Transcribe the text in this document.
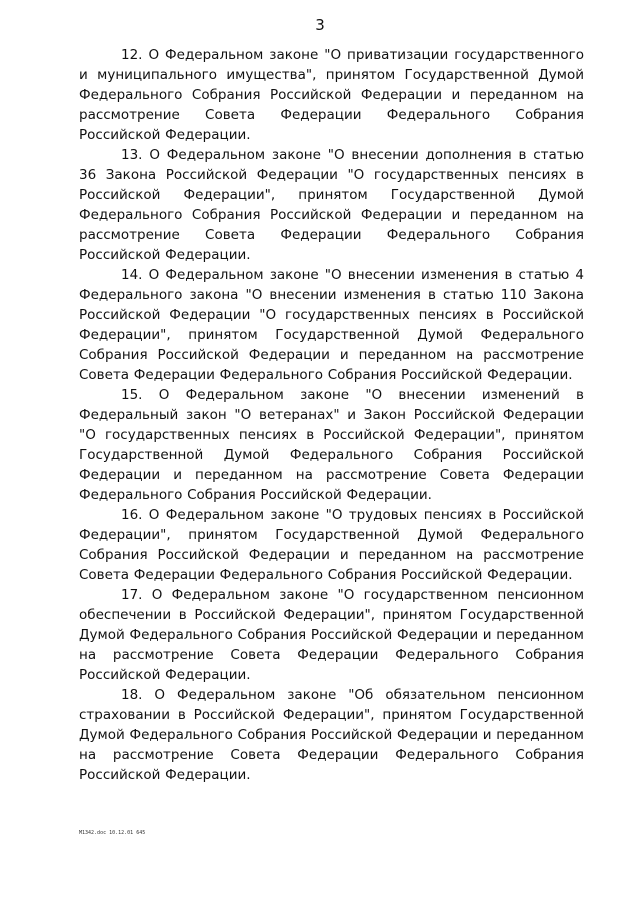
3

12. О Федеральном законе "О приватизации государственного и муниципального имущества", принятом Государственной Думой Федерального Собрания Российской Федерации и переданном на рассмотрение Совета Федерации Федерального Собрания Российской Федерации.

13. О Федеральном законе "О внесении дополнения в статью 36 Закона Российской Федерации "О государственных пенсиях в Российской Федерации", принятом Государственной Думой Федерального Собрания Российской Федерации и переданном на рассмотрение Совета Федерации Федерального Собрания Российской Федерации.

14. О Федеральном законе "О внесении изменения в статью 4 Федерального закона "О внесении изменения в статью 110 Закона Российской Федерации "О государственных пенсиях в Российской Федерации", принятом Государственной Думой Федерального Собрания Российской Федерации и переданном на рассмотрение Совета Федерации Федерального Собрания Российской Федерации.

15. О Федеральном законе "О внесении изменений в Федеральный закон "О ветеранах" и Закон Российской Федерации "О государственных пенсиях в Российской Федерации", принятом Государственной Думой Федерального Собрания Российской Федерации и переданном на рассмотрение Совета Федерации Федерального Собрания Российской Федерации.

16. О Федеральном законе "О трудовых пенсиях в Российской Федерации", принятом Государственной Думой Федерального Собрания Российской Федерации и переданном на рассмотрение Совета Федерации Федерального Собрания Российской Федерации.

17. О Федеральном законе "О государственном пенсионном обеспечении в Российской Федерации", принятом Государственной Думой Федерального Собрания Российской Федерации и переданном на рассмотрение Совета Федерации Федерального Собрания Российской Федерации.

18. О Федеральном законе "Об обязательном пенсионном страховании в Российской Федерации", принятом Государственной Думой Федерального Собрания Российской Федерации и переданном на рассмотрение Совета Федерации Федерального Собрания Российской Федерации.

M1342.doc 10.12.01 645
